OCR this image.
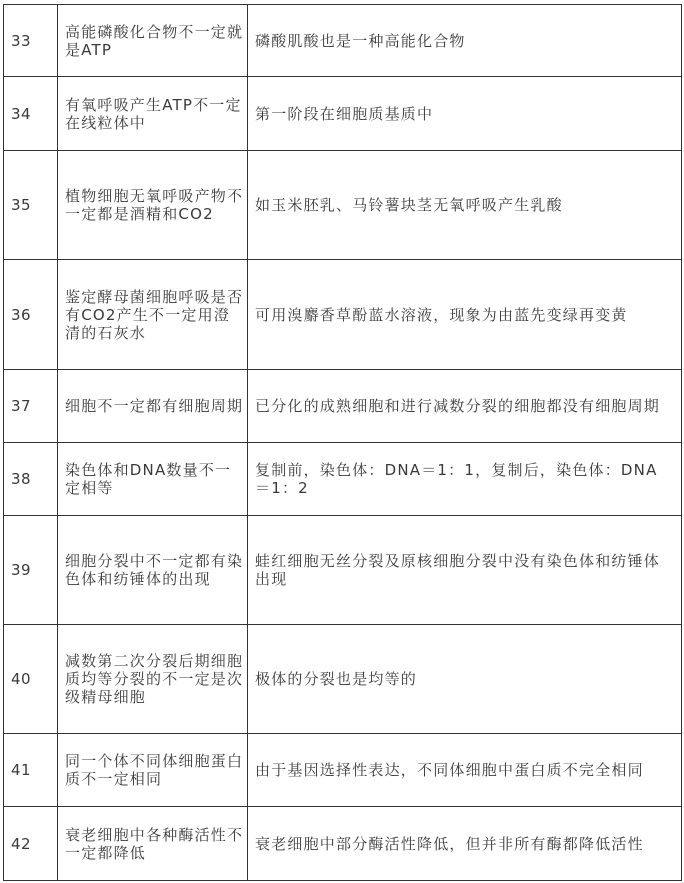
33	高能磷酸化合物不一定就是ATP	磷酸肌酸也是一种高能化合物
34	有氧呼吸产生ATP不一定在线粒体中	第一阶段在细胞质基质中
35	植物细胞无氧呼吸产物不一定都是酒精和CO2	如玉米胚乳、马铃薯块茎无氧呼吸产生乳酸
36	鉴定酵母菌细胞呼吸是否有CO2产生不一定用澄清的石灰水	可用溴麝香草酚蓝水溶液，现象为由蓝先变绿再变黄
37	细胞不一定都有细胞周期	已分化的成熟细胞和进行减数分裂的细胞都没有细胞周期
38	染色体和DNA数量不一定相等	复制前，染色体：DNA＝1：1，复制后，染色体：DNA＝1：2
39	细胞分裂中不一定都有染色体和纺锤体的出现	蛙红细胞无丝分裂及原核细胞分裂中没有染色体和纺锤体出现
40	减数第二次分裂后期细胞质均等分裂的不一定是次级精母细胞	极体的分裂也是均等的
41	同一个体不同体细胞蛋白质不一定相同	由于基因选择性表达，不同体细胞中蛋白质不完全相同
42	衰老细胞中各种酶活性不一定都降低	衰老细胞中部分酶活性降低，但并非所有酶都降低活性
